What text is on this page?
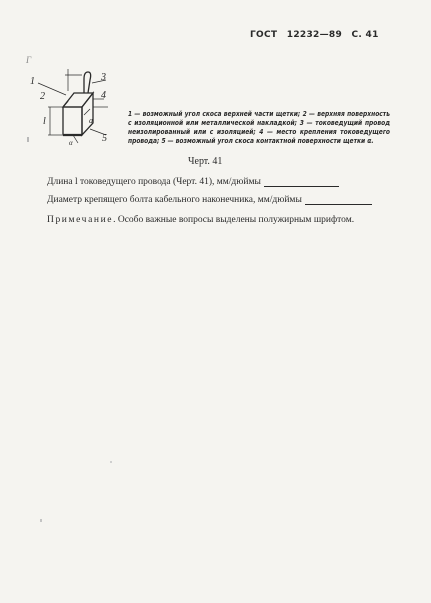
ГОСТ 12232—89 С. 41
1
2
3
4
5
l	a
α
Г
1 — возможный угол скоса верхней части щетки; 2 — верхняя поверхность с изоляционной или металлической накладкой; 3 — токоведущий провод неизолированный или с изоляцией; 4 — место крепления токоведущего провода; 5 — возможный угол скоса контактной поверхности щетки α.
Черт. 41
Длина l токоведущего провода (Черт. 41), мм/дюймы
Диаметр крепящего болта кабельного наконечника, мм/дюймы
Примечание. Особо важные вопросы выделены полужирным шрифтом.
